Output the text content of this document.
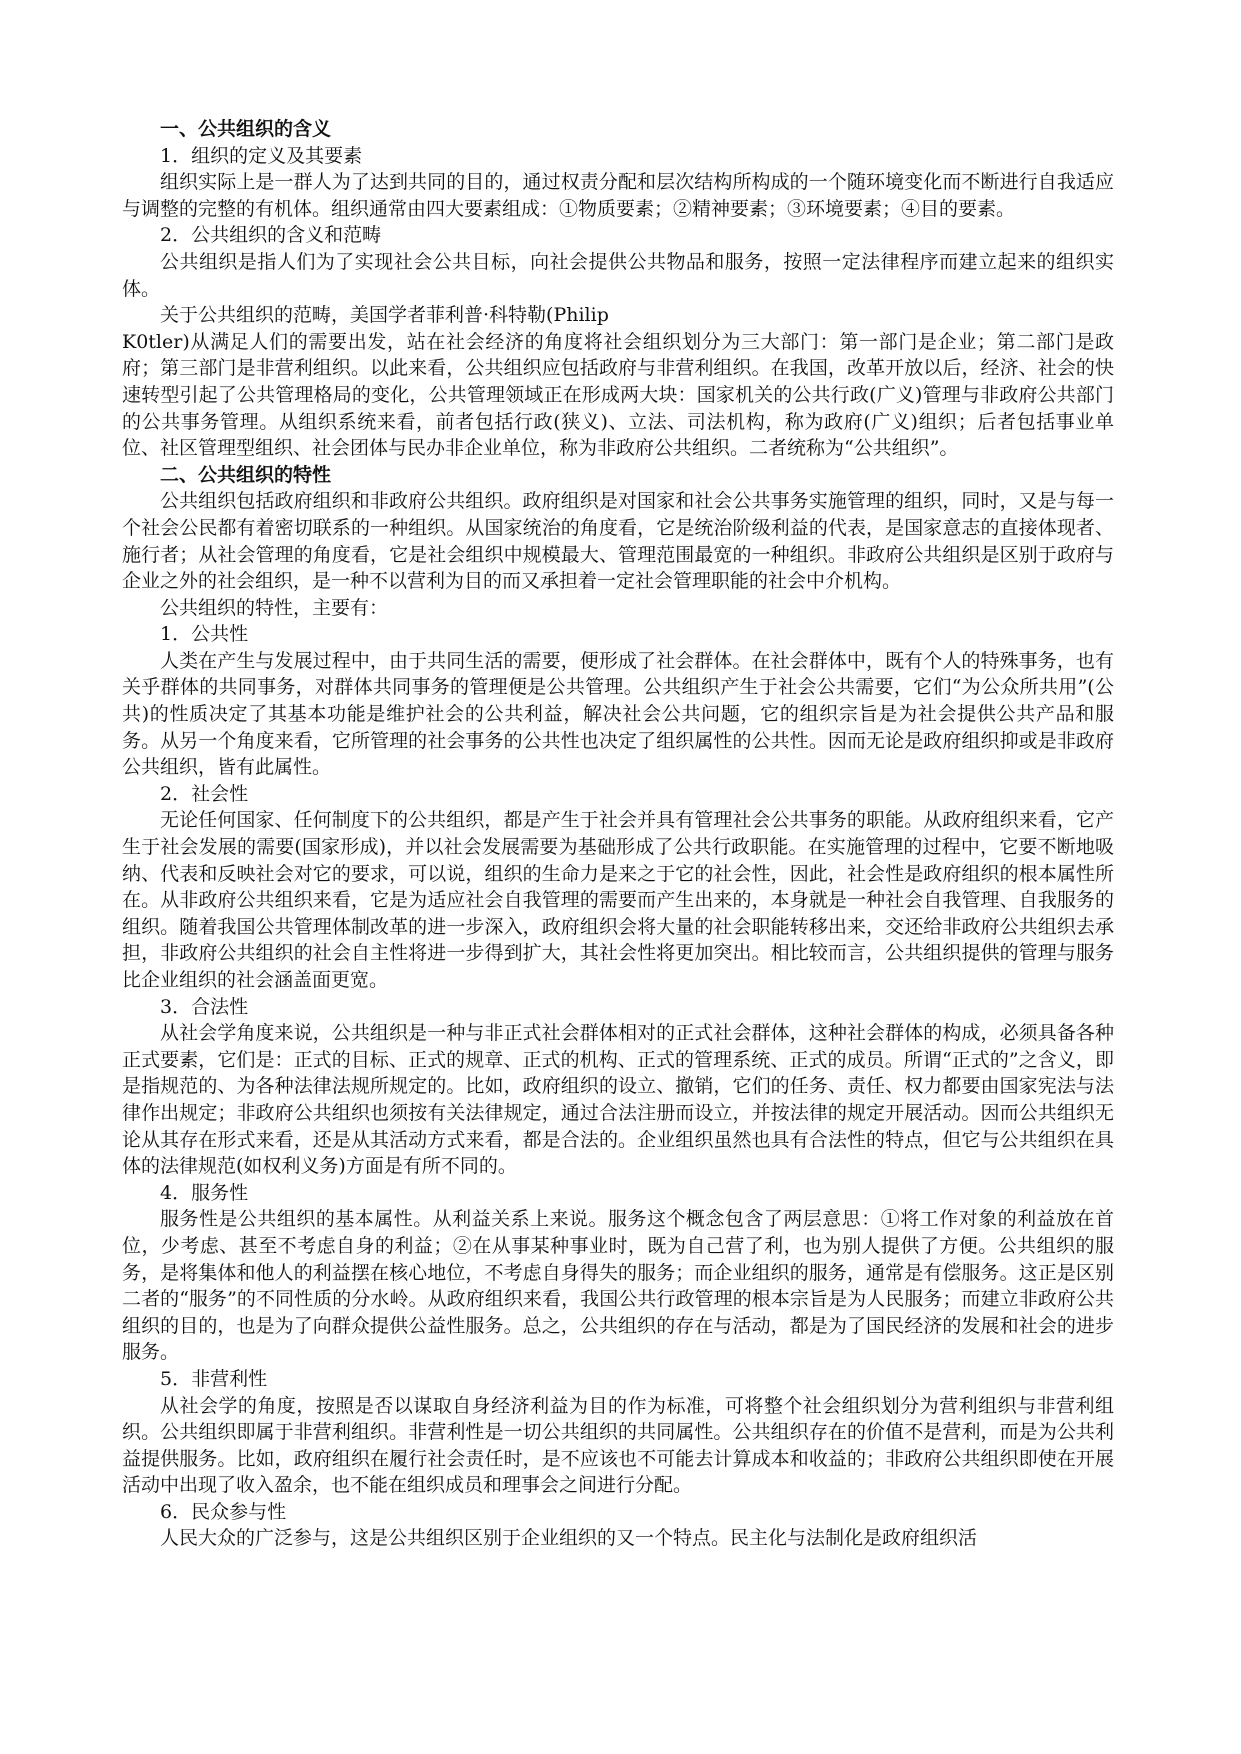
一、公共组织的含义

1．组织的定义及其要素

组织实际上是一群人为了达到共同的目的，通过权责分配和层次结构所构成的一个随环境变化而不断进行自我适应与调整的完整的有机体。组织通常由四大要素组成：①物质要素；②精神要素；③环境要素；④目的要素。

2．公共组织的含义和范畴

公共组织是指人们为了实现社会公共目标，向社会提供公共物品和服务，按照一定法律程序而建立起来的组织实体。

关于公共组织的范畴，美国学者菲利普·科特勒(Philip

K0tler)从满足人们的需要出发，站在社会经济的角度将社会组织划分为三大部门：第一部门是企业；第二部门是政府；第三部门是非营利组织。以此来看，公共组织应包括政府与非营利组织。在我国，改革开放以后，经济、社会的快速转型引起了公共管理格局的变化，公共管理领域正在形成两大块：国家机关的公共行政(广义)管理与非政府公共部门的公共事务管理。从组织系统来看，前者包括行政(狭义)、立法、司法机构，称为政府(广义)组织；后者包括事业单位、社区管理型组织、社会团体与民办非企业单位，称为非政府公共组织。二者统称为“公共组织”。

二、公共组织的特性

公共组织包括政府组织和非政府公共组织。政府组织是对国家和社会公共事务实施管理的组织，同时，又是与每一个社会公民都有着密切联系的一种组织。从国家统治的角度看，它是统治阶级利益的代表，是国家意志的直接体现者、施行者；从社会管理的角度看，它是社会组织中规模最大、管理范围最宽的一种组织。非政府公共组织是区别于政府与企业之外的社会组织，是一种不以营利为目的而又承担着一定社会管理职能的社会中介机构。

公共组织的特性，主要有：

1．公共性

人类在产生与发展过程中，由于共同生活的需要，便形成了社会群体。在社会群体中，既有个人的特殊事务，也有关乎群体的共同事务，对群体共同事务的管理便是公共管理。公共组织产生于社会公共需要，它们“为公众所共用”(公共)的性质决定了其基本功能是维护社会的公共利益，解决社会公共问题，它的组织宗旨是为社会提供公共产品和服务。从另一个角度来看，它所管理的社会事务的公共性也决定了组织属性的公共性。因而无论是政府组织抑或是非政府公共组织，皆有此属性。

2．社会性

无论任何国家、任何制度下的公共组织，都是产生于社会并具有管理社会公共事务的职能。从政府组织来看，它产生于社会发展的需要(国家形成)，并以社会发展需要为基础形成了公共行政职能。在实施管理的过程中，它要不断地吸纳、代表和反映社会对它的要求，可以说，组织的生命力是来之于它的社会性，因此，社会性是政府组织的根本属性所在。从非政府公共组织来看，它是为适应社会自我管理的需要而产生出来的，本身就是一种社会自我管理、自我服务的组织。随着我国公共管理体制改革的进一步深入，政府组织会将大量的社会职能转移出来，交还给非政府公共组织去承担，非政府公共组织的社会自主性将进一步得到扩大，其社会性将更加突出。相比较而言，公共组织提供的管理与服务比企业组织的社会涵盖面更宽。

3．合法性

从社会学角度来说，公共组织是一种与非正式社会群体相对的正式社会群体，这种社会群体的构成，必须具备各种正式要素，它们是：正式的目标、正式的规章、正式的机构、正式的管理系统、正式的成员。所谓“正式的”之含义，即是指规范的、为各种法律法规所规定的。比如，政府组织的设立、撤销，它们的任务、责任、权力都要由国家宪法与法律作出规定；非政府公共组织也须按有关法律规定，通过合法注册而设立，并按法律的规定开展活动。因而公共组织无论从其存在形式来看，还是从其活动方式来看，都是合法的。企业组织虽然也具有合法性的特点，但它与公共组织在具体的法律规范(如权利义务)方面是有所不同的。

4．服务性

服务性是公共组织的基本属性。从利益关系上来说。服务这个概念包含了两层意思：①将工作对象的利益放在首位，少考虑、甚至不考虑自身的利益；②在从事某种事业时，既为自己营了利，也为别人提供了方便。公共组织的服务，是将集体和他人的利益摆在核心地位，不考虑自身得失的服务；而企业组织的服务，通常是有偿服务。这正是区别二者的“服务”的不同性质的分水岭。从政府组织来看，我国公共行政管理的根本宗旨是为人民服务；而建立非政府公共组织的目的，也是为了向群众提供公益性服务。总之，公共组织的存在与活动，都是为了国民经济的发展和社会的进步服务。

5．非营利性

从社会学的角度，按照是否以谋取自身经济利益为目的作为标准，可将整个社会组织划分为营利组织与非营利组织。公共组织即属于非营利组织。非营利性是一切公共组织的共同属性。公共组织存在的价值不是营利，而是为公共利益提供服务。比如，政府组织在履行社会责任时，是不应该也不可能去计算成本和收益的；非政府公共组织即使在开展活动中出现了收入盈余，也不能在组织成员和理事会之间进行分配。

6．民众参与性

人民大众的广泛参与，这是公共组织区别于企业组织的又一个特点。民主化与法制化是政府组织活
